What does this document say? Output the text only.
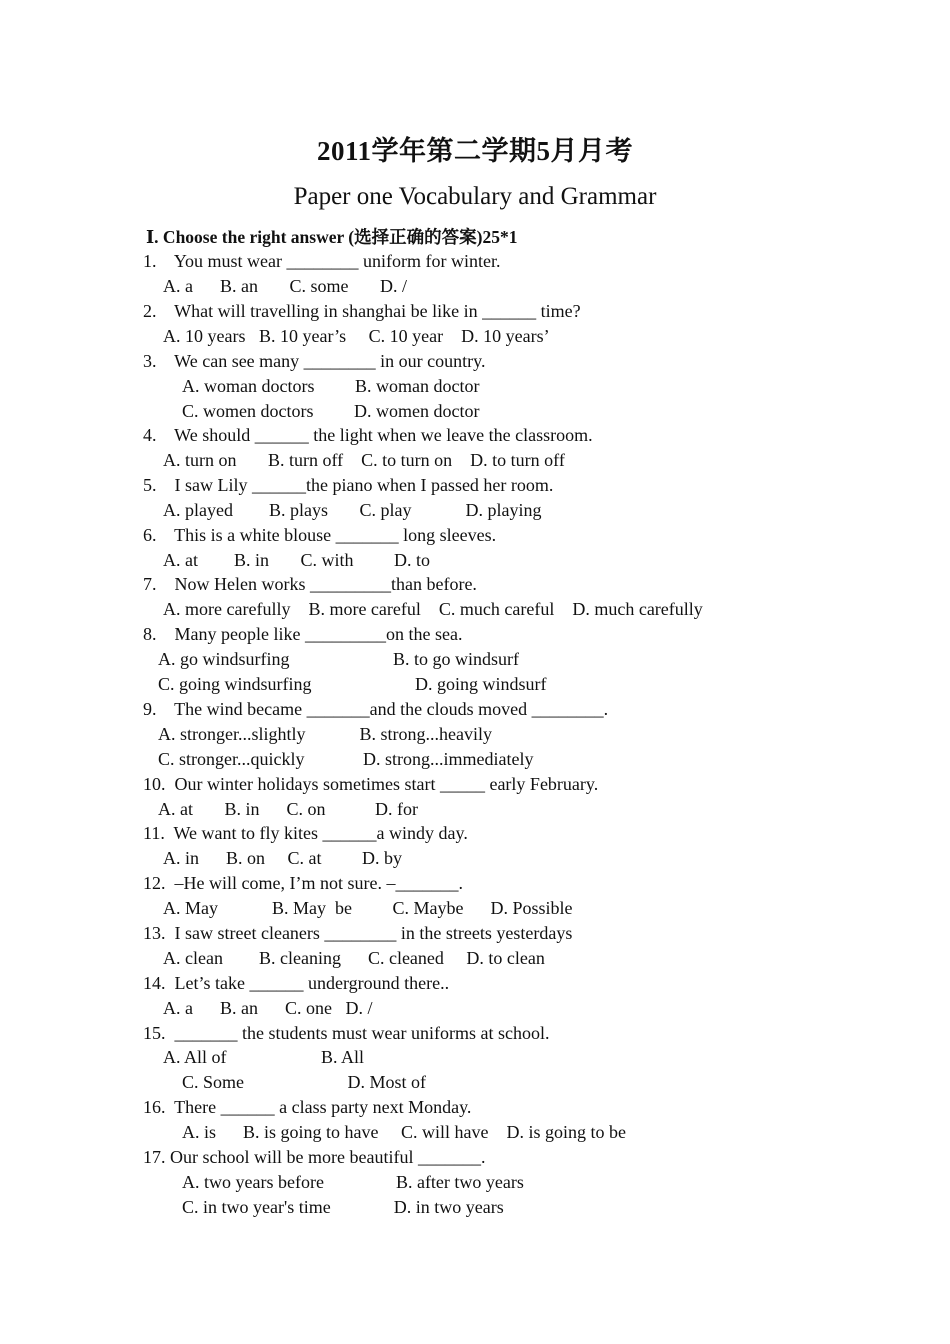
2011学年第二学期5月月考
Paper one Vocabulary and Grammar
Ⅰ. Choose the right answer (选择正确的答案)25*1
1.    You must wear ________ uniform for winter.
A. a      B. an       C. some       D. /
2.    What will travelling in shanghai be like in ______ time?
A. 10 years   B. 10 year’s     C. 10 year    D. 10 years’
3.    We can see many ________ in our country.
A. woman doctors         B. woman doctor
C. women doctors         D. women doctor
4.    We should ______ the light when we leave the classroom.
A. turn on       B. turn off    C. to turn on    D. to turn off
5.    I saw Lily ______the piano when I passed her room.
A. played        B. plays       C. play            D. playing
6.    This is a white blouse _______ long sleeves.
A. at        B. in       C. with         D. to
7.    Now Helen works _________than before.
A. more carefully    B. more careful    C. much careful    D. much carefully
8.    Many people like _________on the sea.
A. go windsurfing                       B. to go windsurf
C. going windsurfing                       D. going windsurf
9.    The wind became _______and the clouds moved ________.
A. stronger...slightly            B. strong...heavily
C. stronger...quickly             D. strong...immediately
10.  Our winter holidays sometimes start _____ early February.
A. at       B. in      C. on           D. for
11.  We want to fly kites ______a windy day.
A. in      B. on     C. at         D. by
12.  –He will come, I’m not sure. –_______.
A. May            B. May  be         C. Maybe      D. Possible
13.  I saw street cleaners ________ in the streets yesterdays
A. clean        B. cleaning      C. cleaned     D. to clean
14.  Let’s take ______ underground there..
A. a      B. an      C. one   D. /
15.  _______ the students must wear uniforms at school.
A. All of                     B. All
C. Some                       D. Most of
16.  There ______ a class party next Monday.
A. is      B. is going to have     C. will have    D. is going to be
17. Our school will be more beautiful _______.
A. two years before                B. after two years
C. in two year's time              D. in two years
